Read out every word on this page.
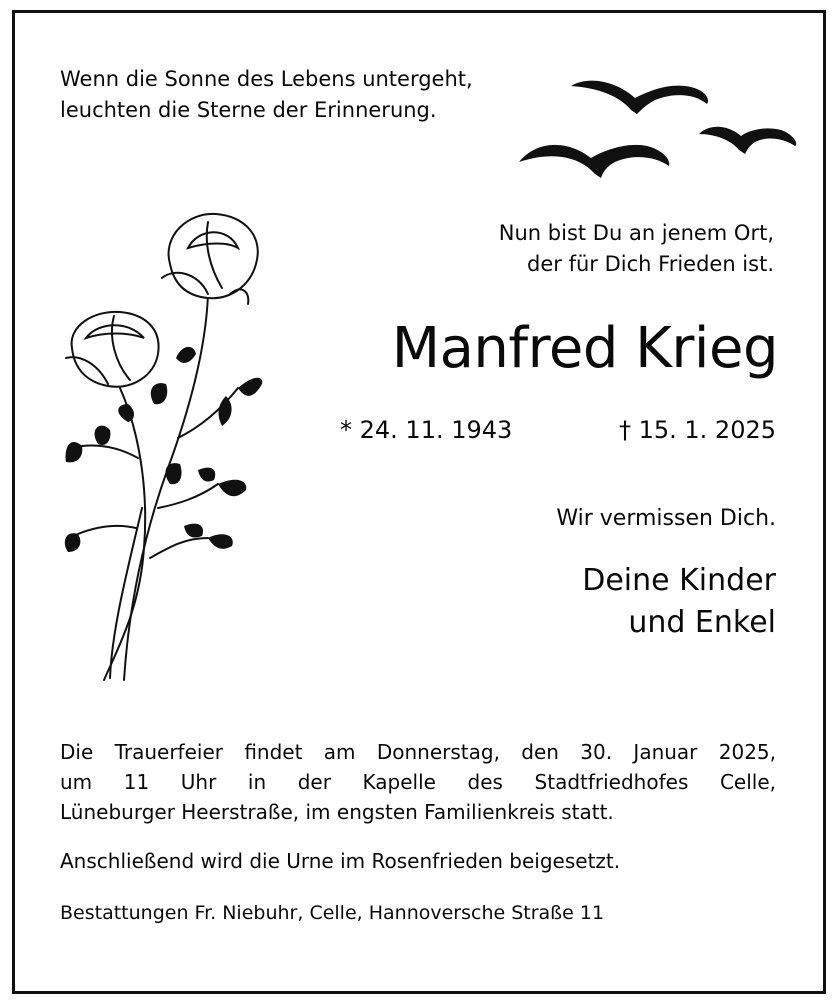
Wenn die Sonne des Lebens untergeht,
leuchten die Sterne der Erinnerung.

Nun bist Du an jenem Ort,
der für Dich Frieden ist.

Manfred Krieg

* 24. 11. 1943	† 15. 1. 2025

Wir vermissen Dich.

Deine Kinder
und Enkel

Die Trauerfeier findet am Donnerstag, den 30. Januar 2025,
um 11 Uhr in der Kapelle des Stadtfriedhofes Celle,
Lüneburger Heerstraße, im engsten Familienkreis statt.

Anschließend wird die Urne im Rosenfrieden beigesetzt.

Bestattungen Fr. Niebuhr, Celle, Hannoversche Straße 11
